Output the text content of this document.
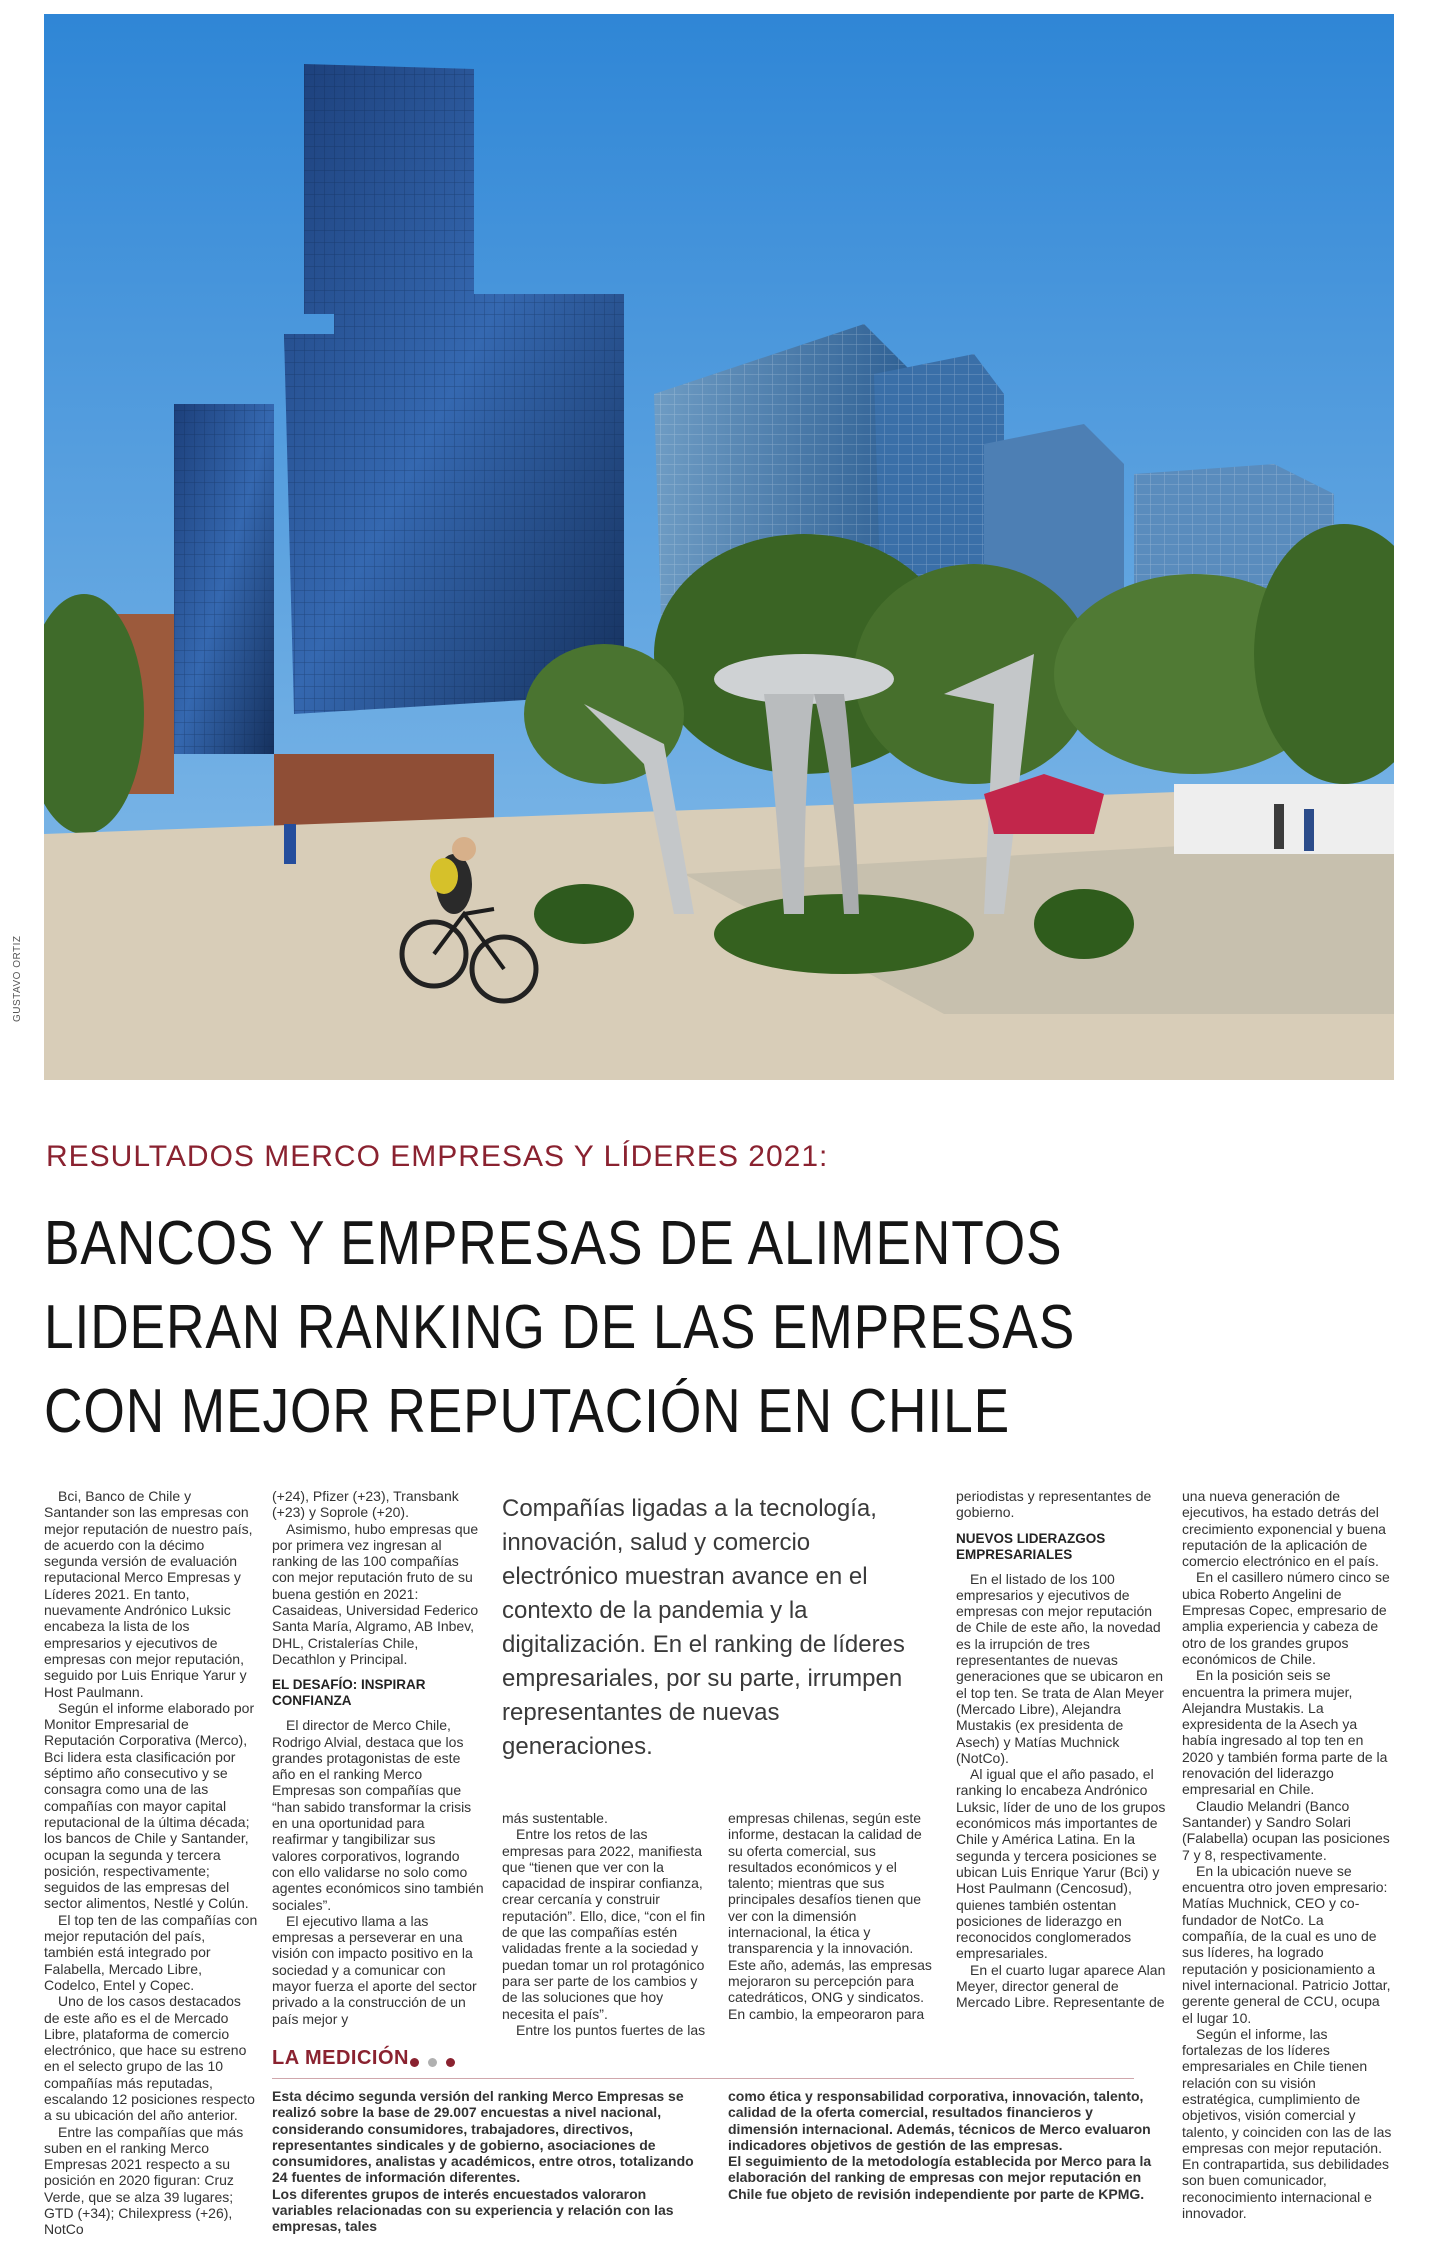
GUSTAVO ORTIZ
RESULTADOS MERCO EMPRESAS Y LÍDERES 2021:
BANCOS Y EMPRESAS DE ALIMENTOS
LIDERAN RANKING DE LAS EMPRESAS
CON MEJOR REPUTACIÓN EN CHILE

Bci, Banco de Chile y Santander son las empresas con mejor reputación de nuestro país, de acuerdo con la décimo segunda versión de evaluación reputacional Merco Empresas y Líderes 2021. En tanto, nuevamente Andrónico Luksic encabeza la lista de los empresarios y ejecutivos de empresas con mejor reputación, seguido por Luis Enrique Yarur y Host Paulmann.

Según el informe elaborado por Monitor Empresarial de Reputación Corporativa (Merco), Bci lidera esta clasificación por séptimo año consecutivo y se consagra como una de las compañías con mayor capital reputacional de la última década; los bancos de Chile y Santander, ocupan la segunda y tercera posición, respectivamente; seguidos de las empresas del sector alimentos, Nestlé y Colún.

El top ten de las compañías con mejor reputación del país, también está integrado por Falabella, Mercado Libre, Codelco, Entel y Copec.

Uno de los casos destacados de este año es el de Mercado Libre, plataforma de comercio electrónico, que hace su estreno en el selecto grupo de las 10 compañías más reputadas, escalando 12 posiciones respecto a su ubicación del año anterior.

Entre las compañías que más suben en el ranking Merco Empresas 2021 respecto a su posición en 2020 figuran: Cruz Verde, que se alza 39 lugares; GTD (+34); Chilexpress (+26), NotCo

(+24), Pfizer (+23), Transbank (+23) y Soprole (+20).

Asimismo, hubo empresas que por primera vez ingresan al ranking de las 100 compañías con mejor reputación fruto de su buena gestión en 2021: Casaideas, Universidad Federico Santa María, Algramo, AB Inbev, DHL, Cristalerías Chile, Decathlon y Principal.

EL DESAFÍO: INSPIRAR CONFIANZA

El director de Merco Chile, Rodrigo Alvial, destaca que los grandes protagonistas de este año en el ranking Merco Empresas son compañías que “han sabido transformar la crisis en una oportunidad para reafirmar y tangibilizar sus valores corporativos, logrando con ello validarse no solo como agentes económicos sino también sociales”.

El ejecutivo llama a las empresas a perseverar en una visión con impacto positivo en la sociedad y a comunicar con mayor fuerza el aporte del sector privado a la construcción de un país mejor y

Compañías ligadas a la tecnología, innovación, salud y comercio electrónico muestran avance en el contexto de la pandemia y la digitalización. En el ranking de líderes empresariales, por su parte, irrumpen representantes de nuevas generaciones.

más sustentable.

Entre los retos de las empresas para 2022, manifiesta que “tienen que ver con la capacidad de inspirar confianza, crear cercanía y construir reputación”. Ello, dice, “con el fin de que las compañías estén validadas frente a la sociedad y puedan tomar un rol protagónico para ser parte de los cambios y de las soluciones que hoy necesita el país”.

Entre los puntos fuertes de las

empresas chilenas, según este informe, destacan la calidad de su oferta comercial, sus resultados económicos y el talento; mientras que sus principales desafíos tienen que ver con la dimensión internacional, la ética y transparencia y la innovación. Este año, además, las empresas mejoraron su percepción para catedráticos, ONG y sindicatos. En cambio, la empeoraron para

periodistas y representantes de gobierno.

NUEVOS LIDERAZGOS EMPRESARIALES

En el listado de los 100 empresarios y ejecutivos de empresas con mejor reputación de Chile de este año, la novedad es la irrupción de tres representantes de nuevas generaciones que se ubicaron en el top ten. Se trata de Alan Meyer (Mercado Libre), Alejandra Mustakis (ex presidenta de Asech) y Matías Muchnick (NotCo).

Al igual que el año pasado, el ranking lo encabeza Andrónico Luksic, líder de uno de los grupos económicos más importantes de Chile y América Latina. En la segunda y tercera posiciones se ubican Luis Enrique Yarur (Bci) y Host Paulmann (Cencosud), quienes también ostentan posiciones de liderazgo en reconocidos conglomerados empresariales.

En el cuarto lugar aparece Alan Meyer, director general de Mercado Libre. Representante de

una nueva generación de ejecutivos, ha estado detrás del crecimiento exponencial y buena reputación de la aplicación de comercio electrónico en el país.

En el casillero número cinco se ubica Roberto Angelini de Empresas Copec, empresario de amplia experiencia y cabeza de otro de los grandes grupos económicos de Chile.

En la posición seis se encuentra la primera mujer, Alejandra Mustakis. La expresidenta de la Asech ya había ingresado al top ten en 2020 y también forma parte de la renovación del liderazgo empresarial en Chile.

Claudio Melandri (Banco Santander) y Sandro Solari (Falabella) ocupan las posiciones 7 y 8, respectivamente.

En la ubicación nueve se encuentra otro joven empresario: Matías Muchnick, CEO y co-fundador de NotCo. La compañía, de la cual es uno de sus líderes, ha logrado reputación y posicionamiento a nivel internacional. Patricio Jottar, gerente general de CCU, ocupa el lugar 10.

Según el informe, las fortalezas de los líderes empresariales en Chile tienen relación con su visión estratégica, cumplimiento de objetivos, visión comercial y talento, y coinciden con las de las empresas con mejor reputación. En contrapartida, sus debilidades son buen comunicador, reconocimiento internacional e innovador.

LA MEDICIÓN

Esta décimo segunda versión del ranking Merco Empresas se realizó sobre la base de 29.007 encuestas a nivel nacional, considerando consumidores, trabajadores, directivos, representantes sindicales y de gobierno, asociaciones de consumidores, analistas y académicos, entre otros, totalizando 24 fuentes de información diferentes.

Los diferentes grupos de interés encuestados valoraron variables relacionadas con su experiencia y relación con las empresas, tales

como ética y responsabilidad corporativa, innovación, talento, calidad de la oferta comercial, resultados financieros y dimensión internacional. Además, técnicos de Merco evaluaron indicadores objetivos de gestión de las empresas.

El seguimiento de la metodología establecida por Merco para la elaboración del ranking de empresas con mejor reputación en Chile fue objeto de revisión independiente por parte de KPMG.
